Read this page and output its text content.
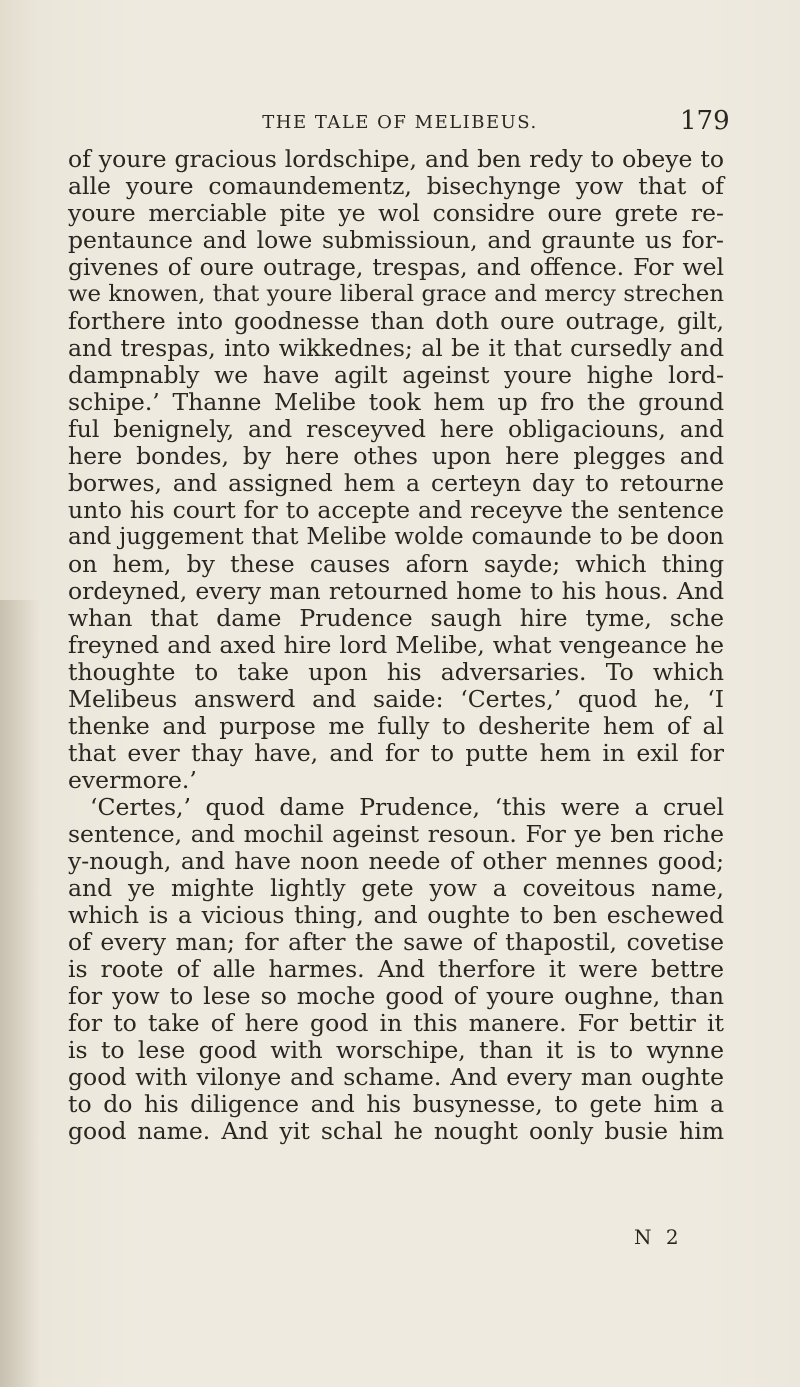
THE TALE OF MELIBEUS.	179
of youre gracious lordschipe, and ben redy to obeye to
alle youre comaundementz, bisechynge yow that of
youre merciable pite ye wol considre oure grete re-
pentaunce and lowe submissioun, and graunte us for-
givenes of oure outrage, trespas, and offence. For wel
we knowen, that youre liberal grace and mercy strechen
forthere into goodnesse than doth oure outrage, gilt,
and trespas, into wikkednes; al be it that cursedly and
dampnably we have agilt ageinst youre highe lord-
schipe.’ Thanne Melibe took hem up fro the ground
ful benignely, and resceyved here obligaciouns, and
here bondes, by here othes upon here plegges and
borwes, and assigned hem a certeyn day to retourne
unto his court for to accepte and receyve the sentence
and juggement that Melibe wolde comaunde to be doon
on hem, by these causes aforn sayde; which thing
ordeyned, every man retourned home to his hous. And
whan that dame Prudence saugh hire tyme, sche
freyned and axed hire lord Melibe, what vengeance he
thoughte to take upon his adversaries. To which
Melibeus answerd and saide: ‘Certes,’ quod he, ‘I
thenke and purpose me fully to desherite hem of al
that ever thay have, and for to putte hem in exil for
evermore.’
‘Certes,’ quod dame Prudence, ‘this were a cruel
sentence, and mochil ageinst resoun. For ye ben riche
y-nough, and have noon neede of other mennes good;
and ye mighte lightly gete yow a coveitous name,
which is a vicious thing, and oughte to ben eschewed
of every man; for after the sawe of thapostil, covetise
is roote of alle harmes. And therfore it were bettre
for yow to lese so moche good of youre oughne, than
for to take of here good in this manere. For bettir it
is to lese good with worschipe, than it is to wynne
good with vilonye and schame. And every man oughte
to do his diligence and his busynesse, to gete him a
good name. And yit schal he nought oonly busie him
N 2
